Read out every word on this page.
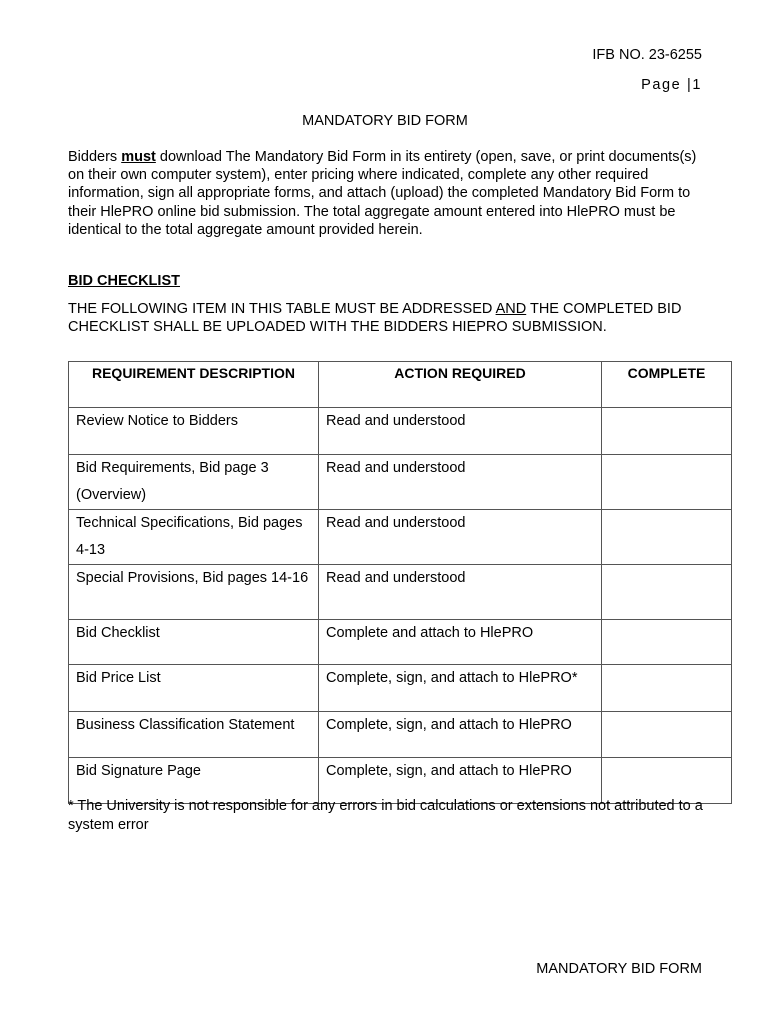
IFB NO. 23-6255
Page |1
MANDATORY BID FORM
Bidders must download The Mandatory Bid Form in its entirety (open, save, or print documents(s) on their own computer system), enter pricing where indicated, complete any other required information, sign all appropriate forms, and attach (upload) the completed Mandatory Bid Form to their HlePRO online bid submission. The total aggregate amount entered into HlePRO must be identical to the total aggregate amount provided herein.
BID CHECKLIST
THE FOLLOWING ITEM IN THIS TABLE MUST BE ADDRESSED AND THE COMPLETED BID CHECKLIST SHALL BE UPLOADED WITH THE BIDDERS HIEPRO SUBMISSION.
REQUIREMENT DESCRIPTION	ACTION REQUIRED	COMPLETE
Review Notice to Bidders	Read and understood	
Bid Requirements, Bid page 3 (Overview)	Read and understood	
Technical Specifications, Bid pages 4-13	Read and understood	
Special Provisions, Bid pages 14-16	Read and understood	
Bid Checklist	Complete and attach to HlePRO	
Bid Price List	Complete, sign, and attach to HlePRO*	
Business Classification Statement	Complete, sign, and attach to HlePRO	
Bid Signature Page	Complete, sign, and attach to HlePRO	
* The University is not responsible for any errors in bid calculations or extensions not attributed to a system error
MANDATORY BID FORM
